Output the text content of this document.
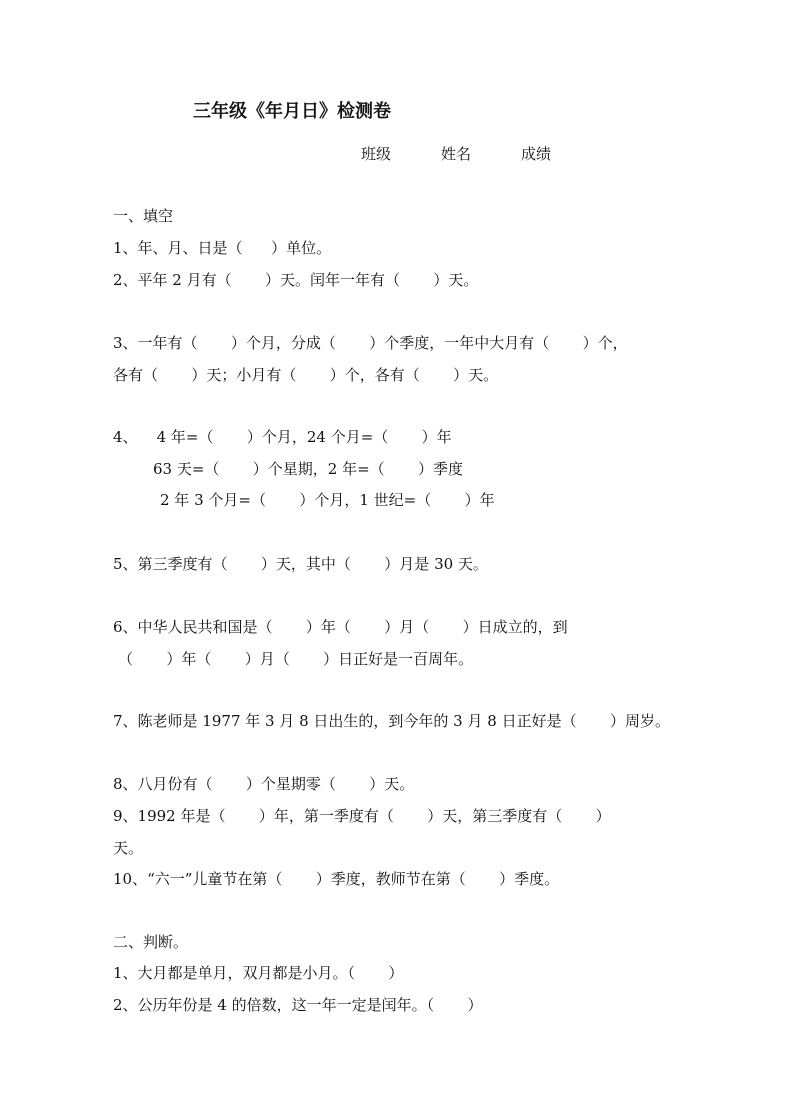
三年级《年月日》检测卷
班级	姓名	成绩
一、填空
1、年、月、日是（      ）单位。
2、平年 2 月有（       ）天。闰年一年有（       ）天。
3、一年有（       ）个月，分成（       ）个季度，一年中大月有（       ）个，
各有（       ）天；小月有（       ）个，各有（       ）天。
4、    4 年=（       ）个月，24 个月=（       ）年
63 天=（       ）个星期，2 年=（       ）季度
2 年 3 个月=（       ）个月，1 世纪=（       ）年
5、第三季度有（       ）天，其中（       ）月是 30 天。
6、中华人民共和国是（       ）年（       ）月（       ）日成立的，到
（       ）年（       ）月（       ）日正好是一百周年。
7、陈老师是 1977 年 3 月 8 日出生的，到今年的 3 月 8 日正好是（       ）周岁。
8、八月份有（       ）个星期零（       ）天。
9、1992 年是（       ）年，第一季度有（       ）天，第三季度有（       ）
天。
10、“六一”儿童节在第（       ）季度，教师节在第（       ）季度。
二、判断。
1、大月都是单月，双月都是小月。（       ）
2、公历年份是 4 的倍数，这一年一定是闰年。（       ）
